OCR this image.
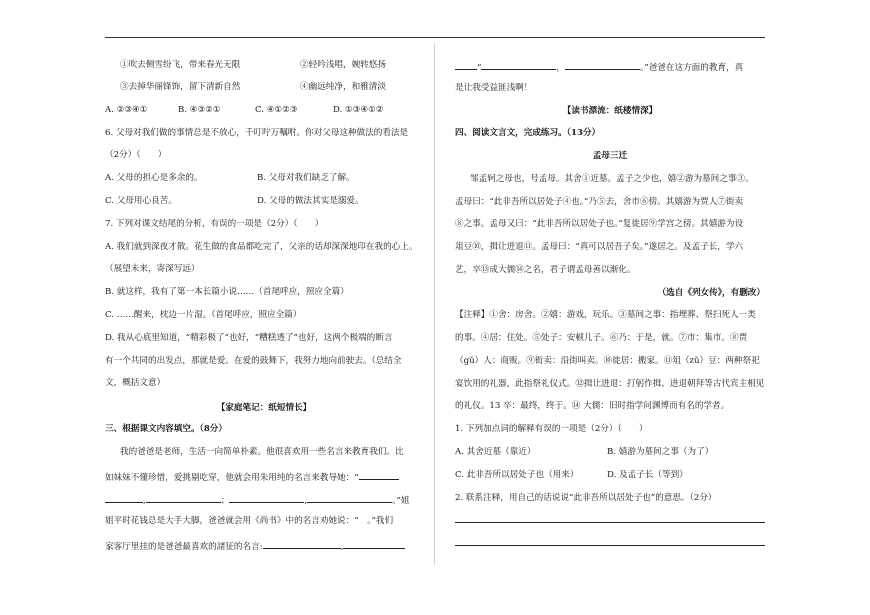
①吹去侧雪纷飞，带来春光无限	②轻吟浅唱，婉转悠扬
③去掉华丽锋饰，留下清新自然	④幽远纯净，和雅清淡
A. ②③④①	B. ④③②①	C. ④①②③	D. ①③④①②
6. 父母对我们做的事情总是不放心，千叮咛万嘱咐。你对父母这种做法的看法是
（2分）（　　）
A. 父母的担心是多余的。	B. 父母对我们缺乏了解。
C. 父母用心良苦。	D. 父母的做法其实是溺爱。
7. 下列对课文结尾的分析，有误的一项是（2分）（　　）
A. 我们就到深夜才散。花生做的食品都吃完了，父亲的话却深深地印在我的心上。
（展望未来，寄深写远）
B. 就这样，我有了第一本长篇小说……（首尾呼应，照应全篇）
C. ……醒来，枕边一片湿。（首尾呼应，照应全篇）
D. 我从心底里知道，“精彩极了”也好，“糟糕透了”也好，这两个极端的断言
有一个共同的出发点，那就是爱。在爱的鼓舞下，我努力地向前驶去。（总结全
文，概括文意）
【家庭笔记：纸短情长】
三、根据课文内容填空。（8分）
我的爸爸是老师，生活一向简单朴素。他很喜欢用一些名言来教育我们。比
如妹妹不懂珍惜，爱挑剔吃穿，他就会用朱用纯的名言来教导她：“
,	；	,	。”姐
姐平时花钱总是大手大脚，爸爸就会用《尚书》中的名言劝她说：“　。”我们
家客厅里挂的是爸爸最喜欢的諸征的名言:	,
“	，	。”爸爸在这方面的教育，真
是让我受益匪浅啊！
【读书漂流：纸楼情深】
四、阅读文言文，完成练习。（13分）
孟母三迁
邹孟轲之母也，号孟母。其舍①近墓。孟子之少也，嬉②游为墓间之事③。
孟母曰：“此非吾所以居处子④也。”乃⑤去，舍市⑥傍。其嬉游为贾人⑦街卖
⑧之事。孟母又曰：“此非吾所以居处子也。”复徙居⑨学宫之傍。其嬉游为设
俎豆⑩，揖让进退⑪。孟母曰：“真可以居吾子矣。”遂居之。及孟子长，学六
艺，卒⑬成大儒⑭之名，君子谓孟母善以渐化。
（选自《列女传》，有删改）
【注释】①舍：房舍。②嬉：游戏，玩乐。③墓间之事：指埋葬、祭扫死人一类
的事。④居：住处。⑤处子：安顿儿子。⑥乃：于是，就。⑦市：集市。⑧贾
（gǔ）人：商贩。⑨衒卖：沿街叫卖。⑩徙居：搬家。⑪俎（zǔ）豆：两种祭祀
宴饮用的礼器，此指祭礼仪式。⑫揖让进退：打躬作揖、进退朝拜等古代宾主相见
的礼仪。13 卒：最终，终于。⑭ 大儒：旧时指学问渊博而有名的学者。
1. 下列加点词的解释有误的一项是（2分）（　　）
A. 其舍近墓（靠近）	B. 嬉游为墓间之事（为了）
C. 此非吾所以居处子也（用来）	D. 及孟子长（等到）
2. 联系注释，用自己的话说说“此非吾所以居处子也”的意思。（2分）
